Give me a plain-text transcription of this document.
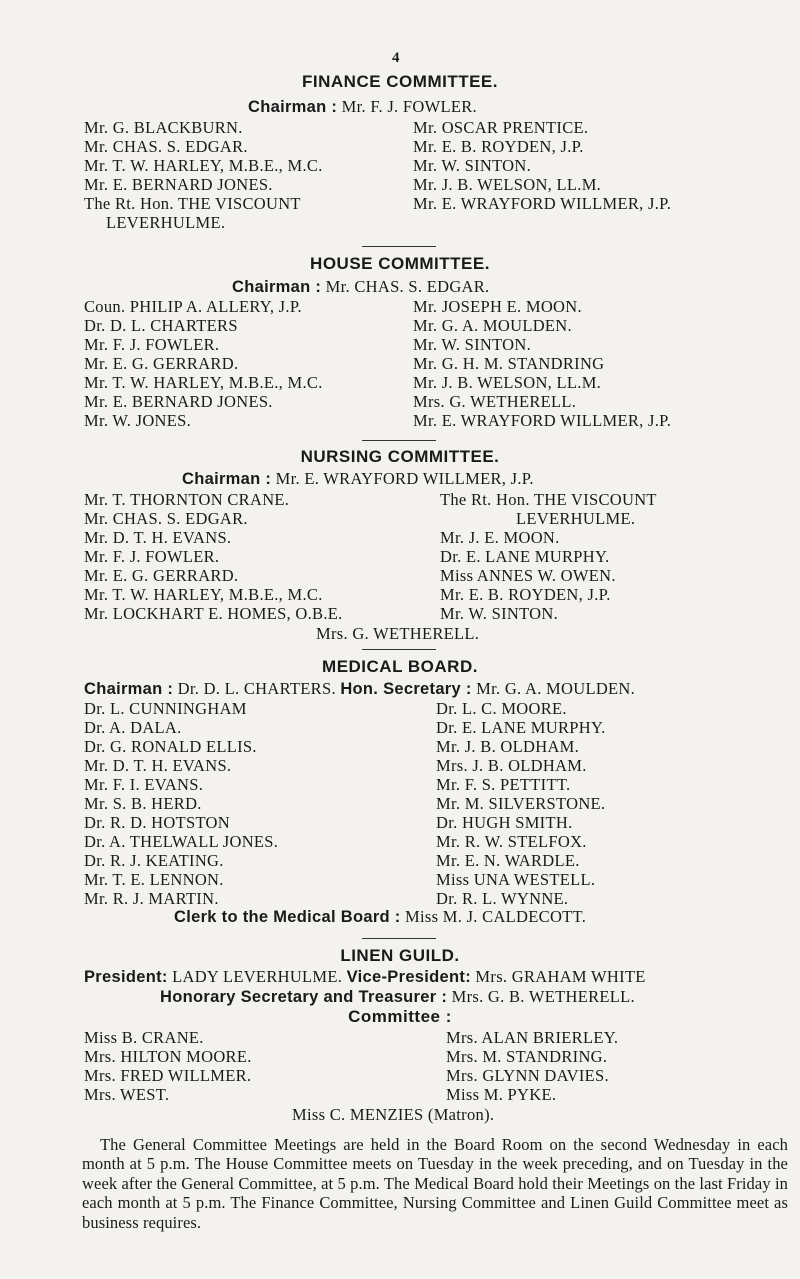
4
FINANCE COMMITTEE.
Chairman : Mr. F. J. FOWLER.
Mr. G. BLACKBURN.
Mr. CHAS. S. EDGAR.
Mr. T. W. HARLEY, M.B.E., M.C.
Mr. E. BERNARD JONES.
The Rt. Hon. THE VISCOUNT
LEVERHULME.
Mr. OSCAR PRENTICE.
Mr. E. B. ROYDEN, J.P.
Mr. W. SINTON.
Mr. J. B. WELSON, LL.M.
Mr. E. WRAYFORD WILLMER, J.P.
HOUSE COMMITTEE.
Chairman : Mr. CHAS. S. EDGAR.
Coun. PHILIP A. ALLERY, J.P.
Dr. D. L. CHARTERS
Mr. F. J. FOWLER.
Mr. E. G. GERRARD.
Mr. T. W. HARLEY, M.B.E., M.C.
Mr. E. BERNARD JONES.
Mr. W. JONES.
Mr. JOSEPH E. MOON.
Mr. G. A. MOULDEN.
Mr. W. SINTON.
Mr. G. H. M. STANDRING
Mr. J. B. WELSON, LL.M.
Mrs. G. WETHERELL.
Mr. E. WRAYFORD WILLMER, J.P.
NURSING COMMITTEE.
Chairman : Mr. E. WRAYFORD WILLMER, J.P.
Mr. T. THORNTON CRANE.
Mr. CHAS. S. EDGAR.
Mr. D. T. H. EVANS.
Mr. F. J. FOWLER.
Mr. E. G. GERRARD.
Mr. T. W. HARLEY, M.B.E., M.C.
Mr. LOCKHART E. HOMES, O.B.E.
The Rt. Hon. THE VISCOUNT
LEVERHULME.
Mr. J. E. MOON.
Dr. E. LANE MURPHY.
Miss ANNES W. OWEN.
Mr. E. B. ROYDEN, J.P.
Mr. W. SINTON.
Mrs. G. WETHERELL.
MEDICAL BOARD.
Chairman : Dr. D. L. CHARTERS. Hon. Secretary : Mr. G. A. MOULDEN.
Dr. L. CUNNINGHAM
Dr. A. DALA.
Dr. G. RONALD ELLIS.
Mr. D. T. H. EVANS.
Mr. F. I. EVANS.
Mr. S. B. HERD.
Dr. R. D. HOTSTON
Dr. A. THELWALL JONES.
Dr. R. J. KEATING.
Mr. T. E. LENNON.
Mr. R. J. MARTIN.
Dr. L. C. MOORE.
Dr. E. LANE MURPHY.
Mr. J. B. OLDHAM.
Mrs. J. B. OLDHAM.
Mr. F. S. PETTITT.
Mr. M. SILVERSTONE.
Dr. HUGH SMITH.
Mr. R. W. STELFOX.
Mr. E. N. WARDLE.
Miss UNA WESTELL.
Dr. R. L. WYNNE.
Clerk to the Medical Board : Miss M. J. CALDECOTT.
LINEN GUILD.
President: LADY LEVERHULME. Vice-President: Mrs. GRAHAM WHITE
Honorary Secretary and Treasurer : Mrs. G. B. WETHERELL.
Committee :
Miss B. CRANE.
Mrs. HILTON MOORE.
Mrs. FRED WILLMER.
Mrs. WEST.
Mrs. ALAN BRIERLEY.
Mrs. M. STANDRING.
Mrs. GLYNN DAVIES.
Miss M. PYKE.
Miss C. MENZIES (Matron).
The General Committee Meetings are held in the Board Room on the second Wednesday in each month at 5 p.m. The House Committee meets on Tuesday in the week preceding, and on Tuesday in the week after the General Committee, at 5 p.m. The Medical Board hold their Meetings on the last Friday in each month at 5 p.m. The Finance Committee, Nursing Committee and Linen Guild Committee meet as business requires.
